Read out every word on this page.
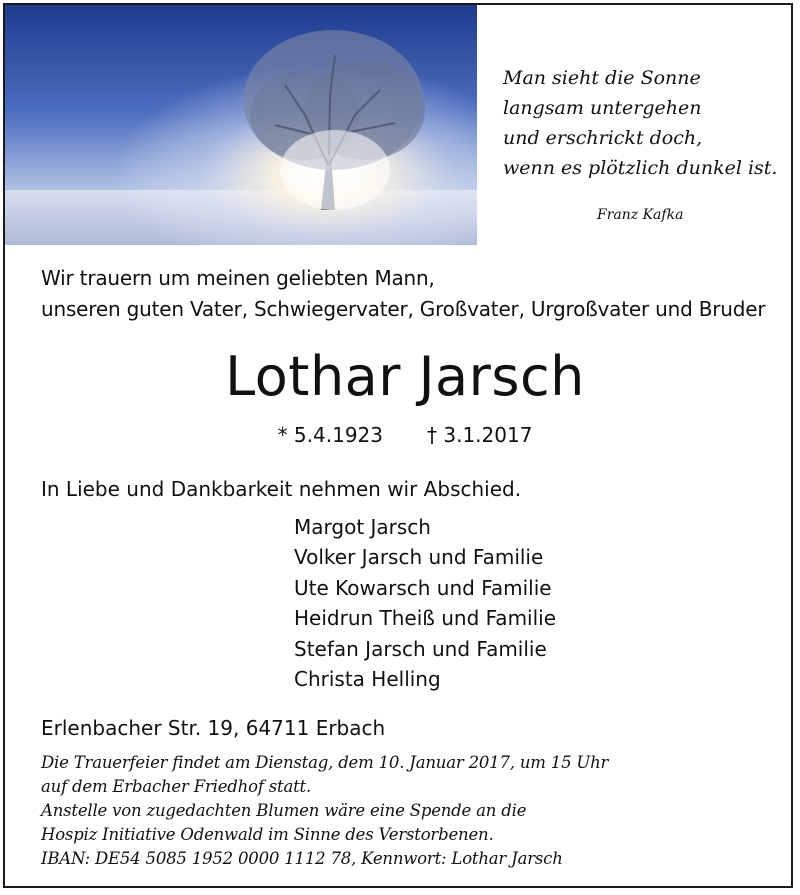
Man sieht die Sonne
langsam untergehen
und erschrickt doch,
wenn es plötzlich dunkel ist.
Franz Kafka
Wir trauern um meinen geliebten Mann,
unseren guten Vater, Schwiegervater, Großvater, Urgroßvater und Bruder
Lothar Jarsch
* 5.4.1923 † 3.1.2017
In Liebe und Dankbarkeit nehmen wir Abschied.
Margot Jarsch
Volker Jarsch und Familie
Ute Kowarsch und Familie
Heidrun Theiß und Familie
Stefan Jarsch und Familie
Christa Helling
Erlenbacher Str. 19, 64711 Erbach
Die Trauerfeier findet am Dienstag, dem 10. Januar 2017, um 15 Uhr
auf dem Erbacher Friedhof statt.
Anstelle von zugedachten Blumen wäre eine Spende an die
Hospiz Initiative Odenwald im Sinne des Verstorbenen.
IBAN: DE54 5085 1952 0000 1112 78, Kennwort: Lothar Jarsch
